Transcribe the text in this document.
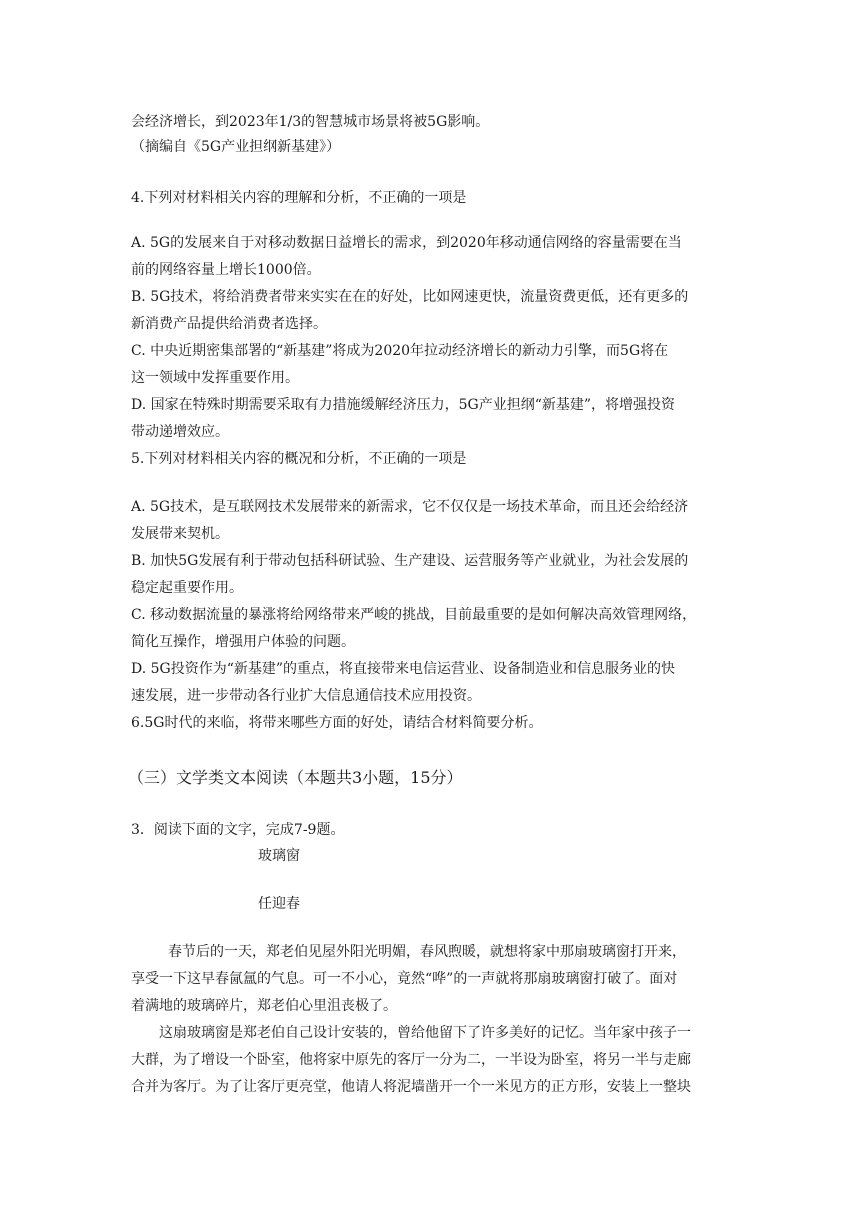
会经济增长，到2023年1/3的智慧城市场景将被5G影响。
（摘编自《5G产业担纲新基建》）
4.下列对材料相关内容的理解和分析，不正确的一项是
A. 5G的发展来自于对移动数据日益增长的需求，到2020年移动通信网络的容量需要在当
前的网络容量上增长1000倍。
B. 5G技术，将给消费者带来实实在在的好处，比如网速更快，流量资费更低，还有更多的
新消费产品提供给消费者选择。
C. 中央近期密集部署的“新基建”将成为2020年拉动经济增长的新动力引擎，而5G将在
这一领域中发挥重要作用。
D. 国家在特殊时期需要采取有力措施缓解经济压力，5G产业担纲“新基建”，将增强投资
带动递增效应。
5.下列对材料相关内容的概况和分析，不正确的一项是
A. 5G技术，是互联网技术发展带来的新需求，它不仅仅是一场技术革命，而且还会给经济
发展带来契机。
B. 加快5G发展有利于带动包括科研试验、生产建设、运营服务等产业就业，为社会发展的
稳定起重要作用。
C. 移动数据流量的暴涨将给网络带来严峻的挑战，目前最重要的是如何解决高效管理网络，
简化互操作，增强用户体验的问题。
D. 5G投资作为“新基建”的重点，将直接带来电信运营业、设备制造业和信息服务业的快
速发展，进一步带动各行业扩大信息通信技术应用投资。
6.5G时代的来临，将带来哪些方面的好处，请结合材料简要分析。
（三）文学类文本阅读（本题共3小题，15分）
3．阅读下面的文字，完成7-9题。
玻璃窗
任迎春
春节后的一天，郑老伯见屋外阳光明媚，春风煦暖，就想将家中那扇玻璃窗打开来，
享受一下这早春氤氲的气息。可一不小心，竟然“哗”的一声就将那扇玻璃窗打破了。面对
着满地的玻璃碎片，郑老伯心里沮丧极了。
这扇玻璃窗是郑老伯自己设计安装的，曾给他留下了许多美好的记忆。当年家中孩子一
大群，为了增设一个卧室，他将家中原先的客厅一分为二，一半设为卧室，将另一半与走廊
合并为客厅。为了让客厅更亮堂，他请人将泥墙凿开一个一米见方的正方形，安装上一整块
